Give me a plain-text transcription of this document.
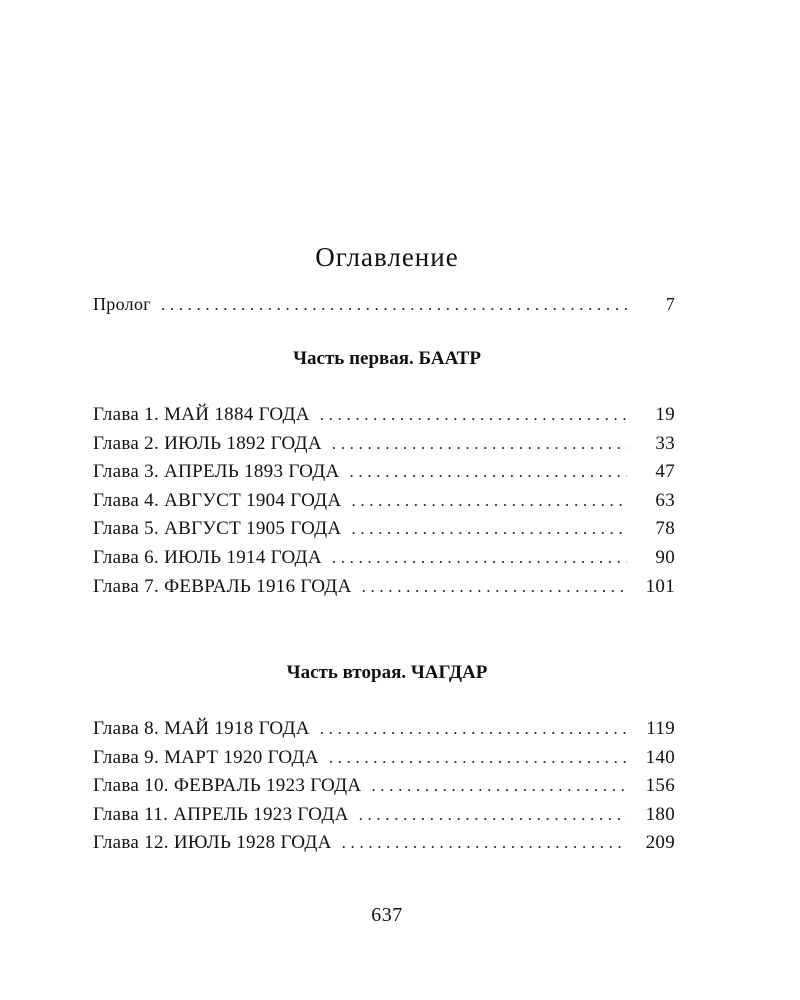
Оглавление
Пролог . . .	7
Часть первая. БААТР
Глава 1. МАЙ 1884 ГОДА . . .	19
Глава 2. ИЮЛЬ 1892 ГОДА . . .	33
Глава 3. АПРЕЛЬ 1893 ГОДА . . .	47
Глава 4. АВГУСТ 1904 ГОДА . . .	63
Глава 5. АВГУСТ 1905 ГОДА . . .	78
Глава 6. ИЮЛЬ 1914 ГОДА . . .	90
Глава 7. ФЕВРАЛЬ 1916 ГОДА . . .	101
Часть вторая. ЧАГДАР
Глава 8. МАЙ 1918 ГОДА . . .	119
Глава 9. МАРТ 1920 ГОДА . . .	140
Глава 10. ФЕВРАЛЬ 1923 ГОДА . . .	156
Глава 11. АПРЕЛЬ 1923 ГОДА . . .	180
Глава 12. ИЮЛЬ 1928 ГОДА . . .	209
637
